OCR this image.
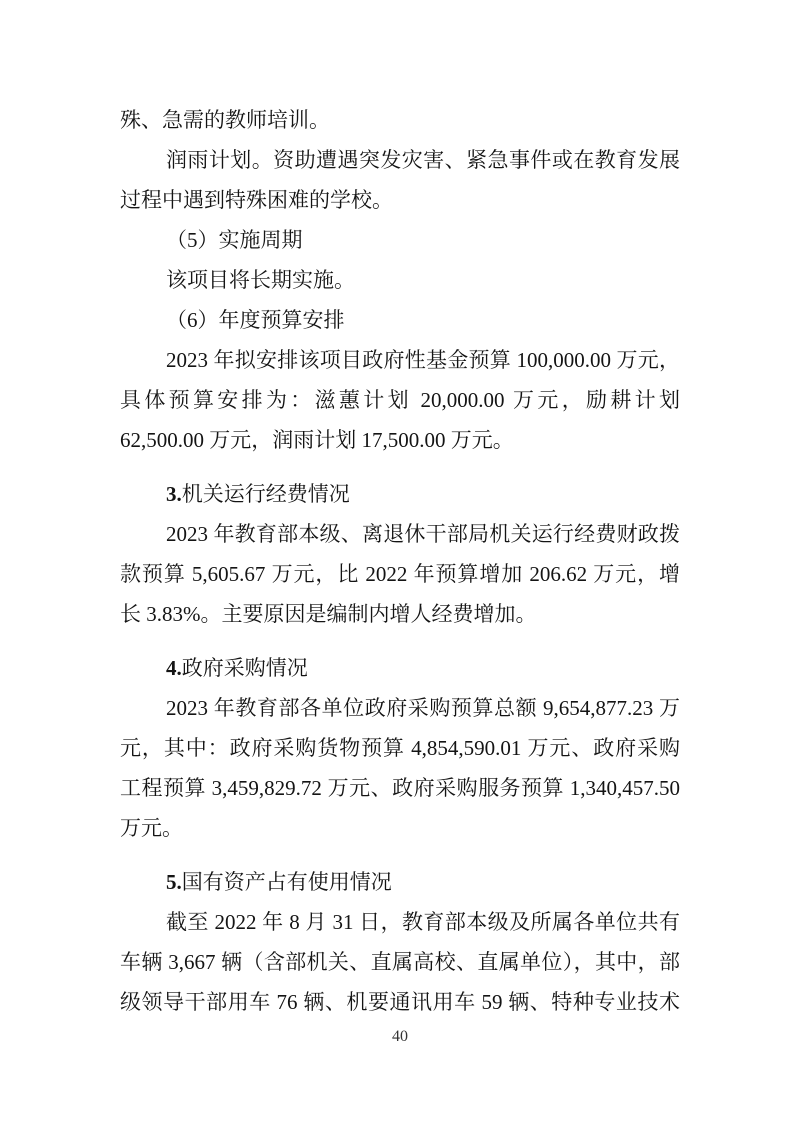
殊、急需的教师培训。
润雨计划。资助遭遇突发灾害、紧急事件或在教育发展
过程中遇到特殊困难的学校。
（5）实施周期
该项目将长期实施。
（6）年度预算安排
2023 年拟安排该项目政府性基金预算 100,000.00 万元，
具体预算安排为：滋蕙计划 20,000.00 万元，励耕计划
62,500.00 万元，润雨计划 17,500.00 万元。
3.机关运行经费情况
2023 年教育部本级、离退休干部局机关运行经费财政拨
款预算 5,605.67 万元，比 2022 年预算增加 206.62 万元，增
长 3.83%。主要原因是编制内增人经费增加。
4.政府采购情况
2023 年教育部各单位政府采购预算总额 9,654,877.23 万
元，其中：政府采购货物预算 4,854,590.01 万元、政府采购
工程预算 3,459,829.72 万元、政府采购服务预算 1,340,457.50
万元。
5.国有资产占有使用情况
截至 2022 年 8 月 31 日，教育部本级及所属各单位共有
车辆 3,667 辆（含部机关、直属高校、直属单位），其中，部
级领导干部用车 76 辆、机要通讯用车 59 辆、特种专业技术
40
